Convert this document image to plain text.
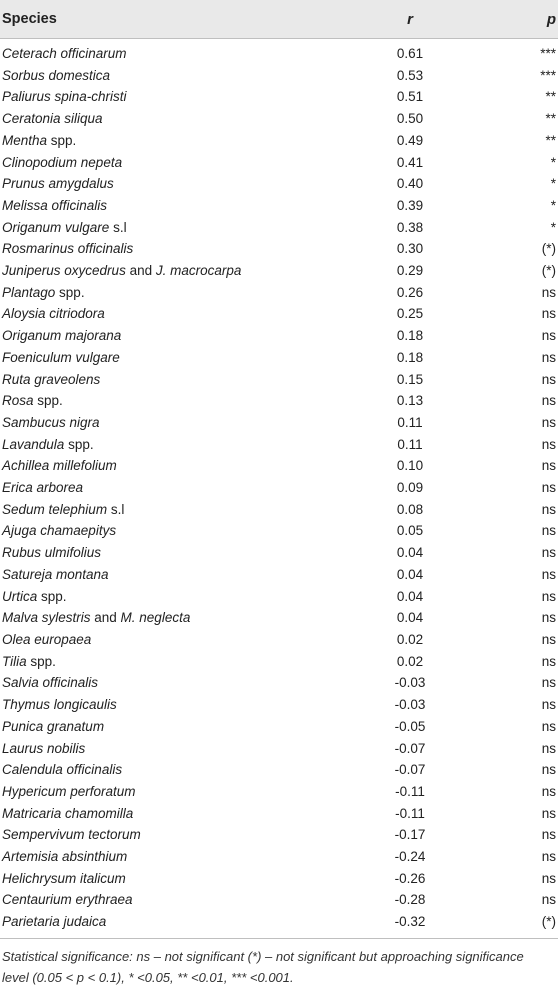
Species	r	p
Ceterach officinarum	0.61	***
Sorbus domestica	0.53	***
Paliurus spina-christi	0.51	**
Ceratonia siliqua	0.50	**
Mentha spp.	0.49	**
Clinopodium nepeta	0.41	*
Prunus amygdalus	0.40	*
Melissa officinalis	0.39	*
Origanum vulgare s.l	0.38	*
Rosmarinus officinalis	0.30	(*)
Juniperus oxycedrus and J. macrocarpa	0.29	(*)
Plantago spp.	0.26	ns
Aloysia citriodora	0.25	ns
Origanum majorana	0.18	ns
Foeniculum vulgare	0.18	ns
Ruta graveolens	0.15	ns
Rosa spp.	0.13	ns
Sambucus nigra	0.11	ns
Lavandula spp.	0.11	ns
Achillea millefolium	0.10	ns
Erica arborea	0.09	ns
Sedum telephium s.l	0.08	ns
Ajuga chamaepitys	0.05	ns
Rubus ulmifolius	0.04	ns
Satureja montana	0.04	ns
Urtica spp.	0.04	ns
Malva sylestris and M. neglecta	0.04	ns
Olea europaea	0.02	ns
Tilia spp.	0.02	ns
Salvia officinalis	-0.03	ns
Thymus longicaulis	-0.03	ns
Punica granatum	-0.05	ns
Laurus nobilis	-0.07	ns
Calendula officinalis	-0.07	ns
Hypericum perforatum	-0.11	ns
Matricaria chamomilla	-0.11	ns
Sempervivum tectorum	-0.17	ns
Artemisia absinthium	-0.24	ns
Helichrysum italicum	-0.26	ns
Centaurium erythraea	-0.28	ns
Parietaria judaica	-0.32	(*)
Statistical significance: ns – not significant (*) – not significant but approaching significance level (0.05 < p < 0.1), * <0.05, ** <0.01, *** <0.001.
